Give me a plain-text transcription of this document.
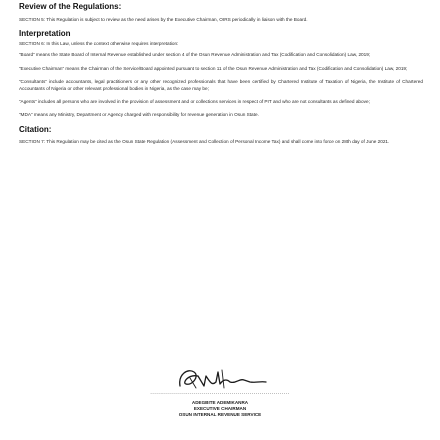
Review of the Regulations:

SECTION 5: This Regulation is subject to review as the need arises by the Executive Chairman, OIRS periodically in liaison with the Board.

Interpretation

SECTION 6: In this Law, unless the context otherwise requires interpretation:

“Board” means the State Board of Internal Revenue established under section 4 of the Osun Revenue Administration and Tax (Codification and Consolidation) Law, 2019;

“Executive Chairman” means the Chairman of the Service/Board appointed pursuant to section 11 of the Osun Revenue Administration and Tax (Codification and Consolidation) Law, 2019;

“Consultants” include accountants, legal practitioners or any other recognized professionals that have been certified by Chartered Institute of Taxation of Nigeria, the Institute of Chartered Accountants of Nigeria or other relevant professional bodies in Nigeria, as the case may be;

“Agents” includes all persons who are involved in the provision of assessment and or collections services in respect of PIT and who are not consultants as defined above;

“MDA” means any Ministry, Department or Agency charged with responsibility for revenue generation in Osun State.

Citation:

SECTION 7: This Regulation may be cited as the Osun State Regulation (Assessment and Collection of Personal Income Tax) and shall come into force on 28th day of June 2021.

......................................................................
ADEGBITE ADEMIKANRA
EXECUTIVE CHAIRMAN
OSUN INTERNAL REVENUE SERVICE
